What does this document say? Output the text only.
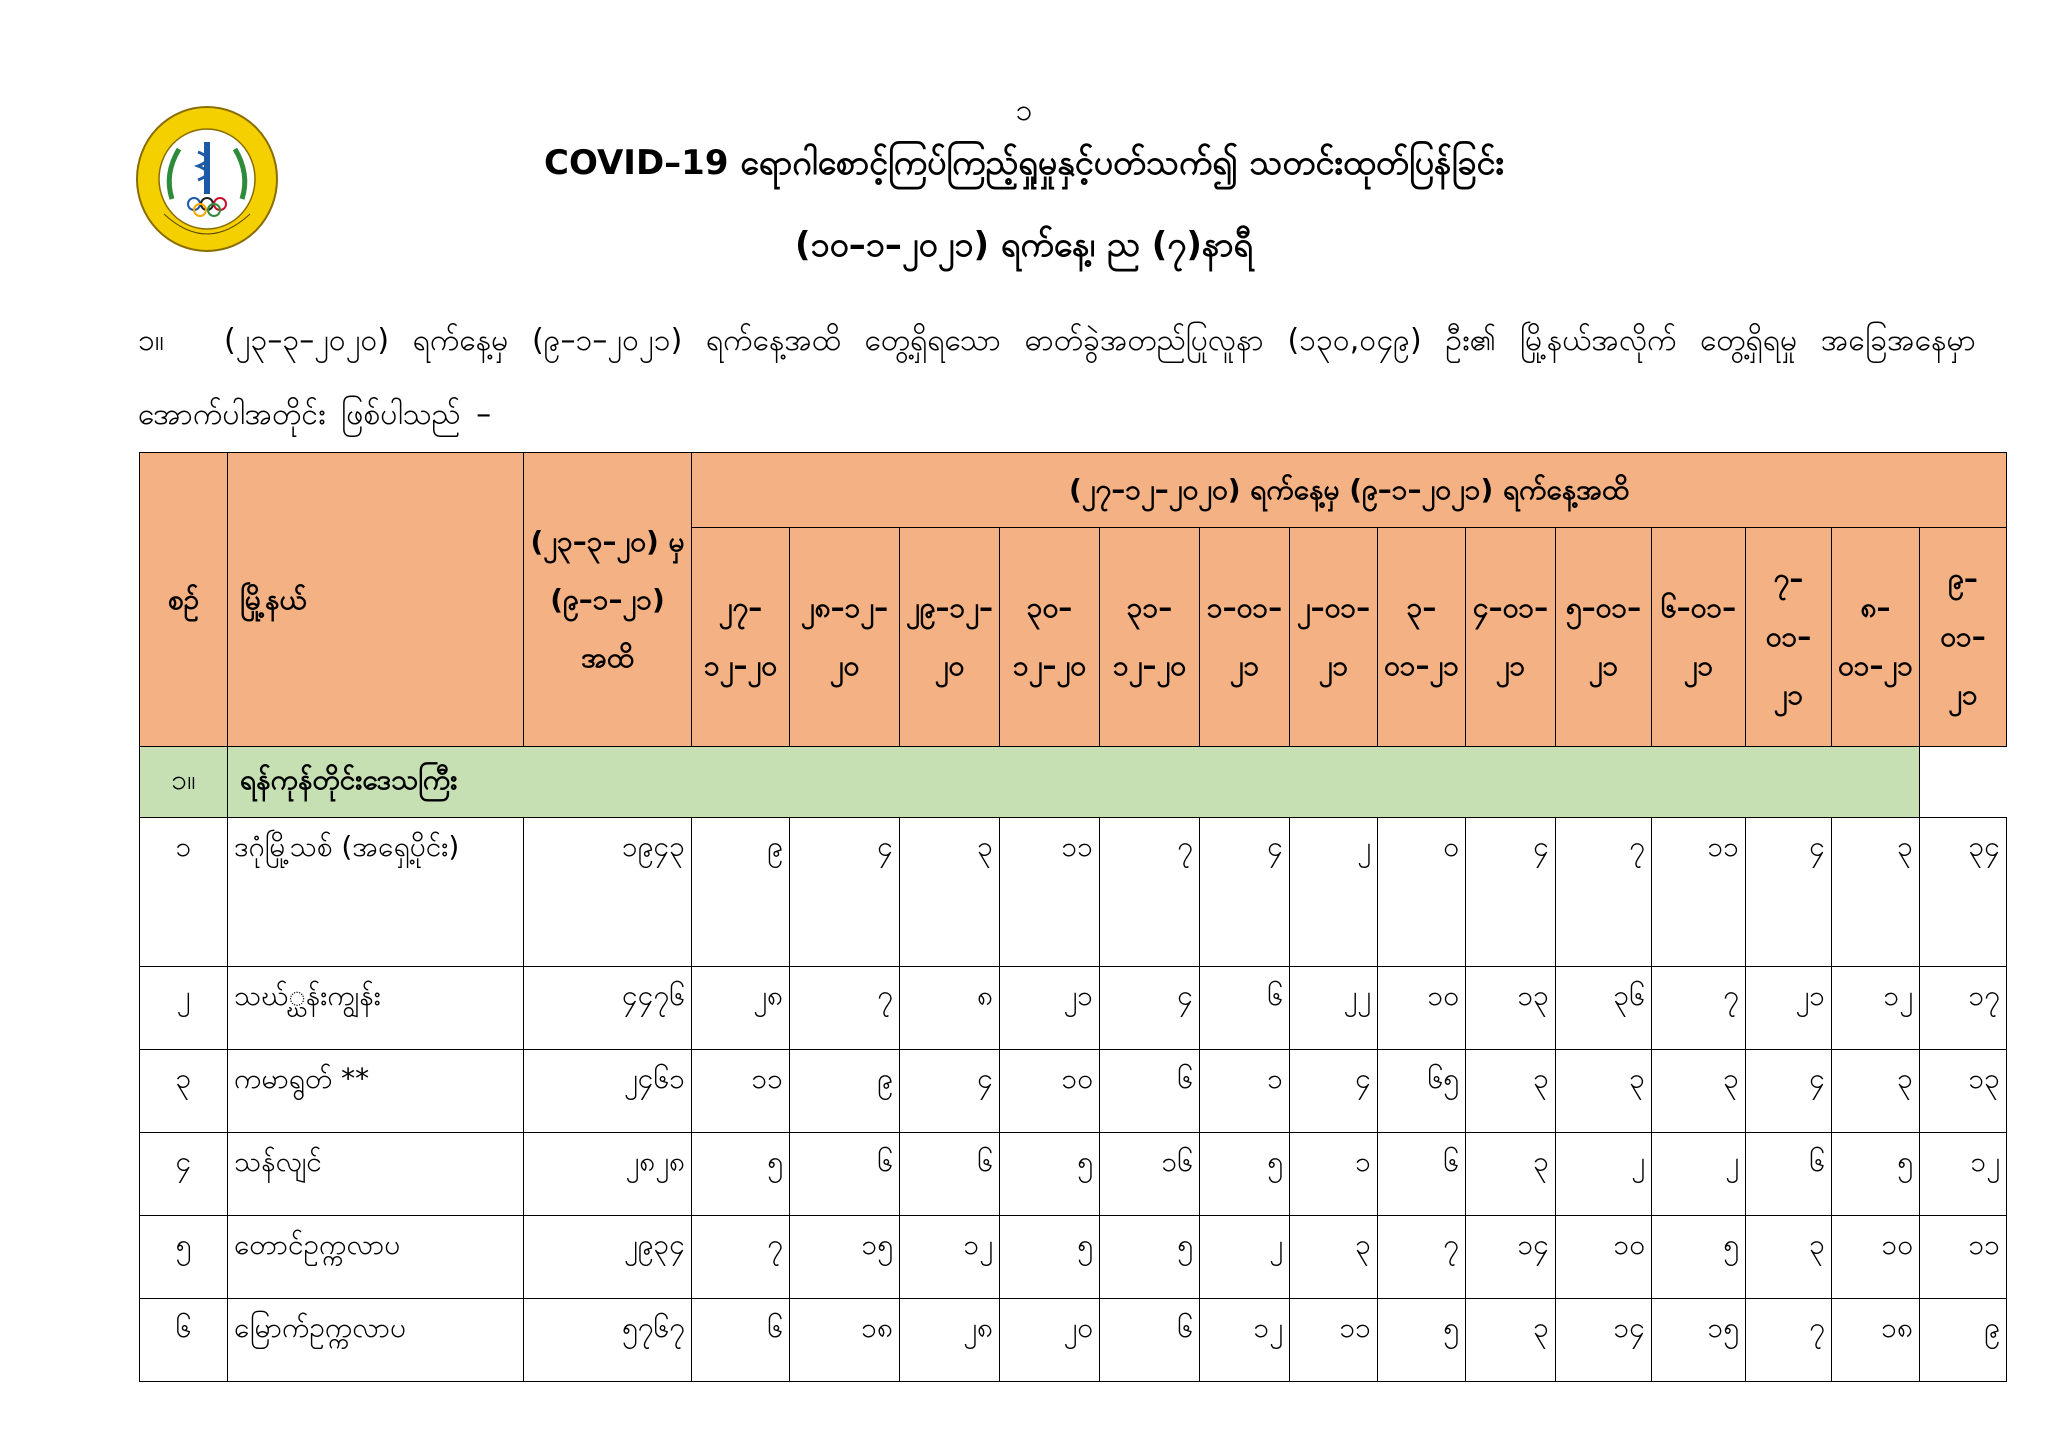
၁
COVID–19 ရောဂါစောင့်ကြပ်ကြည့်ရှုမှုနှင့်ပတ်သက်၍ သတင်းထုတ်ပြန်ခြင်း
(၁၀–၁–၂၀၂၁) ရက်နေ့၊ ည (၇)နာရီ
၁။ (၂၃–၃–၂၀၂၀) ရက်နေ့မှ (၉–၁–၂၀၂၁) ရက်နေ့အထိ တွေ့ရှိရသော ဓာတ်ခွဲအတည်ပြုလူနာ (၁၃၀,၀၄၉) ဦး၏ မြို့နယ်အလိုက် တွေ့ရှိရမှု အခြေအနေမှာ အောက်ပါအတိုင်း ဖြစ်ပါသည် –
စဉ်	မြို့နယ်	(၂၃–၃–၂၀) မှ (၉–၁–၂၁) အထိ	(၂၇–၁၂–၂၀၂၀) ရက်နေ့မှ (၉–၁–၂၀၂၁) ရက်နေ့အထိ													
			၂၇–၁၂–၂၀	၂၈–၁၂–၂၀	၂၉–၁၂–၂၀	၃၀–၁၂–၂၀	၃၁–၁၂–၂၀	၁–၀၁–၂၁	၂–၀၁–၂၁	၃–၀၁–၂၁	၄–၀၁–၂၁	၅–၀၁–၂၁	၆–၀၁–၂၁	၇–၀၁–၂၁	၈–၀၁–၂၁	၉–၀၁–၂၁
၁။	ရန်ကုန်တိုင်းဒေသကြီး															
၁	ဒဂုံမြို့သစ် (အရှေ့ပိုင်း)	၁၉၄၃	၉	၄	၃	၁၁	၇	၄	၂	၀	၄	၇	၁၁	၄	၃	၃၄
၂	သဃ်္ဃန်းကျွန်း	၄၄၇၆	၂၈	၇	၈	၂၁	၄	၆	၂၂	၁၀	၁၃	၃၆	၇	၂၁	၁၂	၁၇
၃	ကမာရွတ် **	၂၄၆၁	၁၁	၉	၄	၁၀	၆	၁	၄	၆၅	၃	၃	၃	၄	၃	၁၃
၄	သန်လျင်	၂၈၂၈	၅	၆	၆	၅	၁၆	၅	၁	၆	၃	၂	၂	၆	၅	၁၂
၅	တောင်ဥက္ကလာပ	၂၉၃၄	၇	၁၅	၁၂	၅	၅	၂	၃	၇	၁၄	၁၀	၅	၃	၁၀	၁၁
၆	မြောက်ဥက္ကလာပ	၅၇၆၇	၆	၁၈	၂၈	၂၀	၆	၁၂	၁၁	၅	၃	၁၄	၁၅	၇	၁၈	၉
